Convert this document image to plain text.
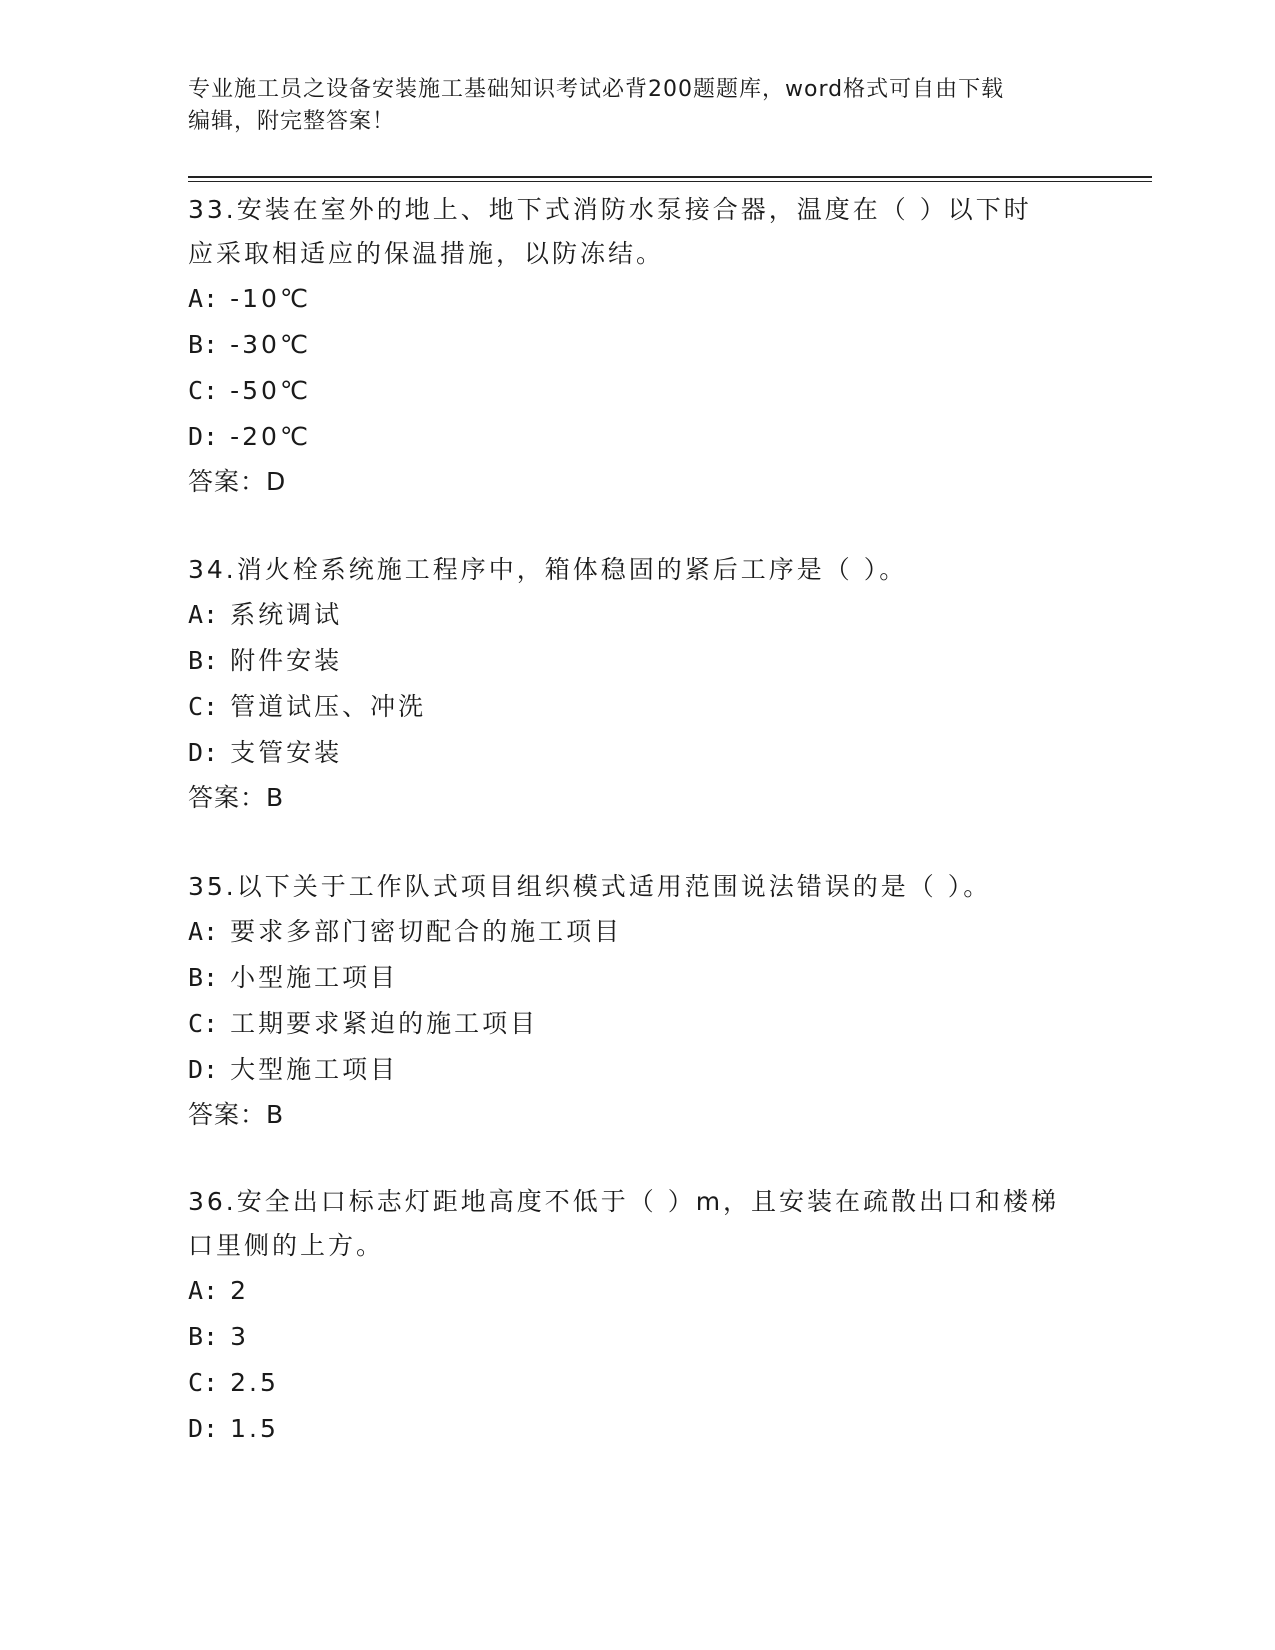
专业施工员之设备安装施工基础知识考试必背200题题库，word格式可自由下载
编辑，附完整答案！

33.安装在室外的地上、地下式消防水泵接合器，温度在（ ）以下时

应采取相适应的保温措施，以防冻结。

A: -10℃

B: -30℃

C: -50℃

D: -20℃

答案：D

34.消火栓系统施工程序中，箱体稳固的紧后工序是（ ）。

A: 系统调试

B: 附件安装

C: 管道试压、冲洗

D: 支管安装

答案：B

35.以下关于工作队式项目组织模式适用范围说法错误的是（ ）。

A: 要求多部门密切配合的施工项目

B: 小型施工项目

C: 工期要求紧迫的施工项目

D: 大型施工项目

答案：B

36.安全出口标志灯距地高度不低于（ ）m，且安装在疏散出口和楼梯

口里侧的上方。

A: 2

B: 3

C: 2.5

D: 1.5
